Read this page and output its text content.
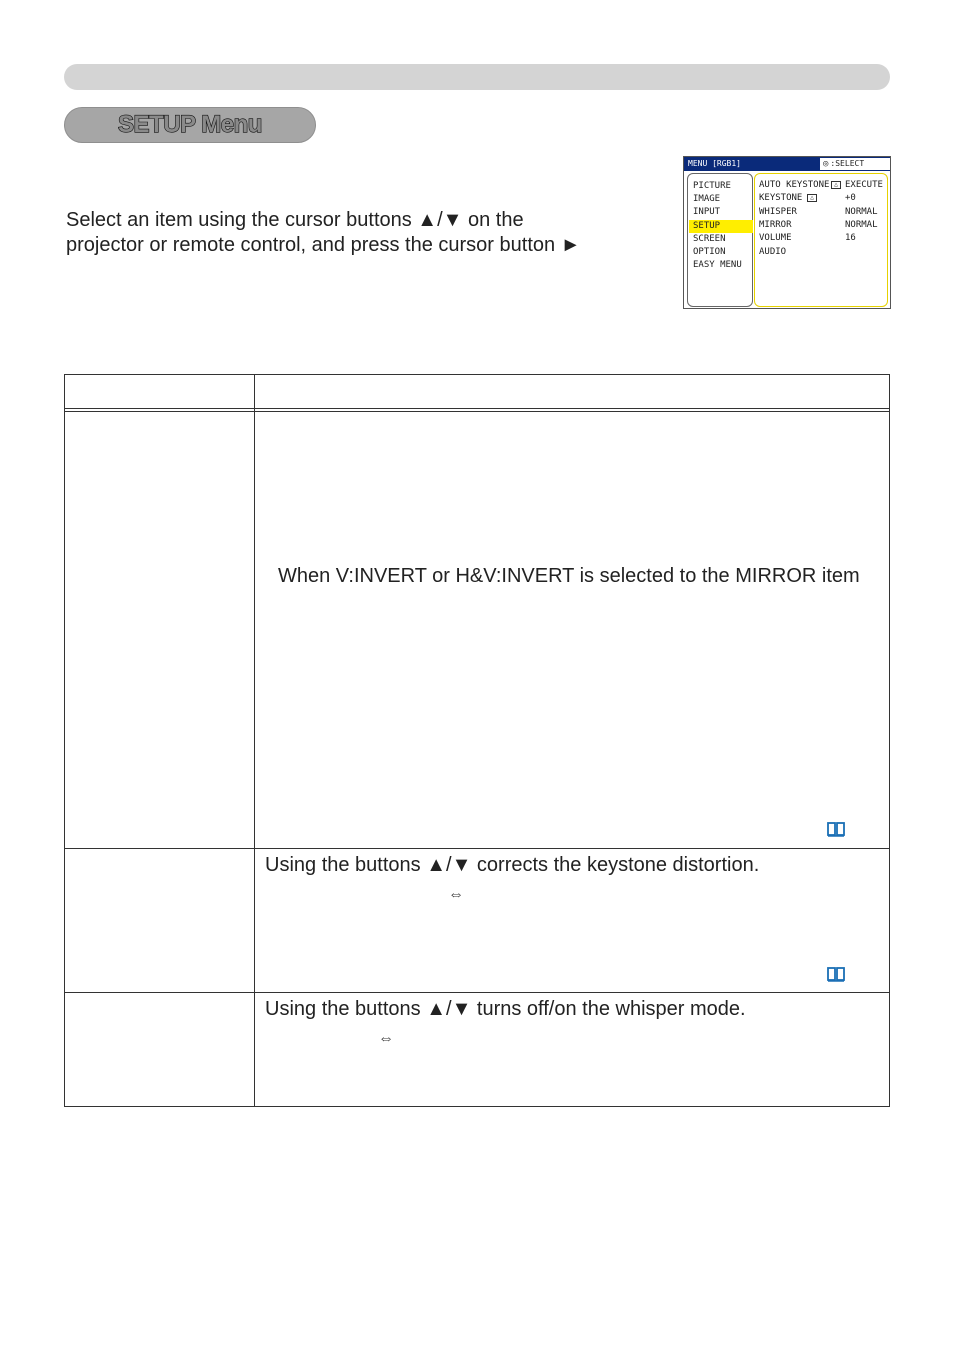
SETUP Menu
Select an item using the cursor buttons ▲/▼ on the
projector or remote control, and press the cursor button ►
MENU [RGB1]	◎ :SELECT
PICTURE
IMAGE
INPUT
SETUP
SCREEN
OPTION
EASY MENU
AUTO KEYSTONE △ EXECUTE
KEYSTONE	△	+0
WHISPER	NORMAL
MIRROR	NORMAL
VOLUME	16
AUDIO
When V:INVERT or H&V:INVERT is selected to the MIRROR item
Using the buttons ▲/▼ corrects the keystone distortion.
⇔
Using the buttons ▲/▼ turns off/on the whisper mode.
⇔
